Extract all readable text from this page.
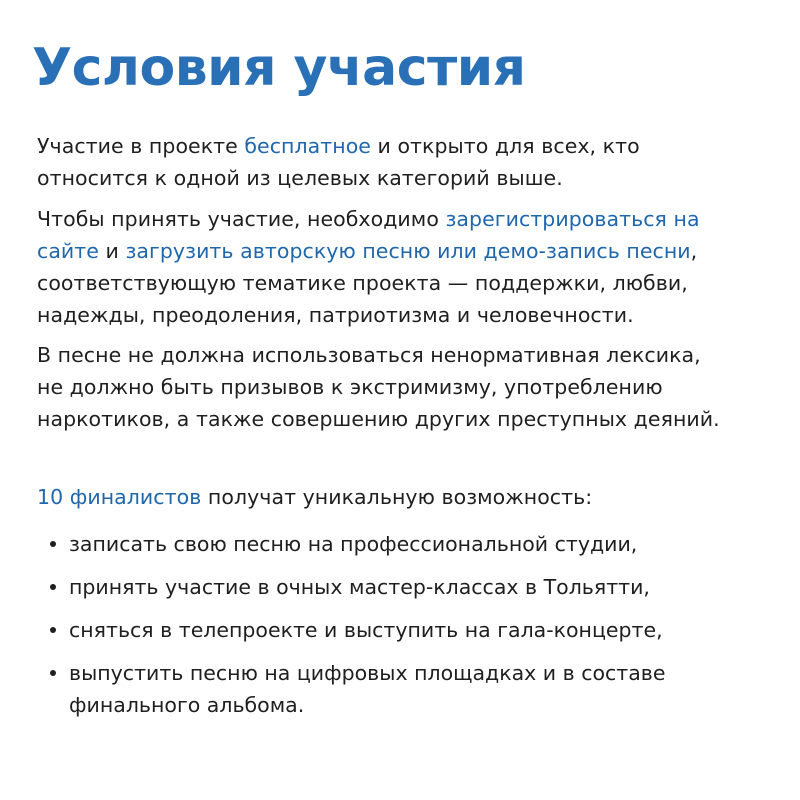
Условия участия

Участие в проекте бесплатное и открыто для всех, кто
относится к одной из целевых категорий выше.

Чтобы принять участие, необходимо зарегистрироваться на
сайте и загрузить авторскую песню или демо-запись песни,
соответствующую тематике проекта — поддержки, любви,
надежды, преодоления, патриотизма и человечности.

В песне не должна использоваться ненормативная лексика,
не должно быть призывов к экстримизму, употреблению
наркотиков, а также совершению других преступных деяний.

10 финалистов получат уникальную возможность:

записать свою песню на профессиональной студии,
принять участие в очных мастер-классах в Тольятти,
сняться в телепроекте и выступить на гала-концерте,
выпустить песню на цифровых площадках и в составе
финального альбома.
